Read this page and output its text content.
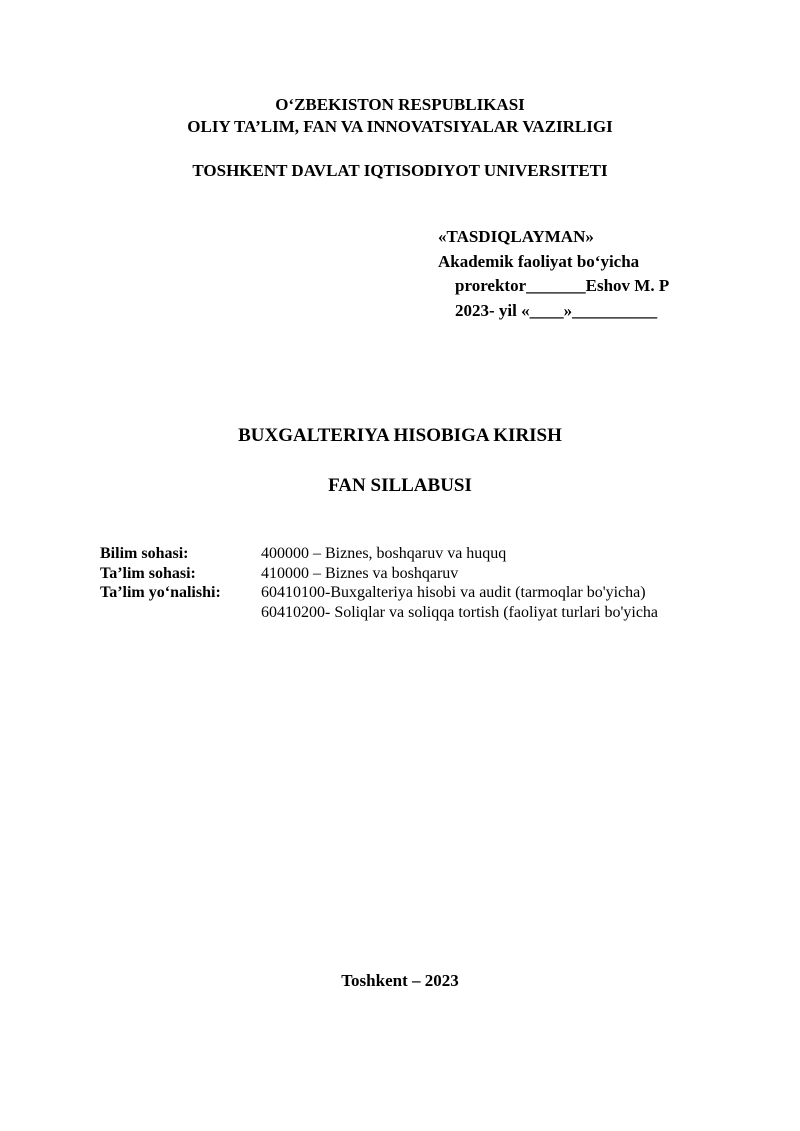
O‘ZBEKISTON RESPUBLIKASI
OLIY TA’LIM, FAN VA INNOVATSIYALAR VAZIRLIGI
TOSHKENT DAVLAT IQTISODIYOT UNIVERSITETI
«TASDIQLAYMAN»
Akademik faoliyat bo‘yicha
prorektor_______Eshov M. P
2023- yil «____»__________
BUXGALTERIYA HISOBIGA KIRISH
FAN SILLABUSI
Bilim sohasi:	400000 – Biznes, boshqaruv va huquq
Ta’lim sohasi:	410000 – Biznes va boshqaruv
Ta’lim yo‘nalishi:	60410100-Buxgalteriya hisobi va audit (tarmoqlar bo'yicha)
60410200- Soliqlar va soliqqa tortish (faoliyat turlari bo'yicha
Toshkent – 2023
